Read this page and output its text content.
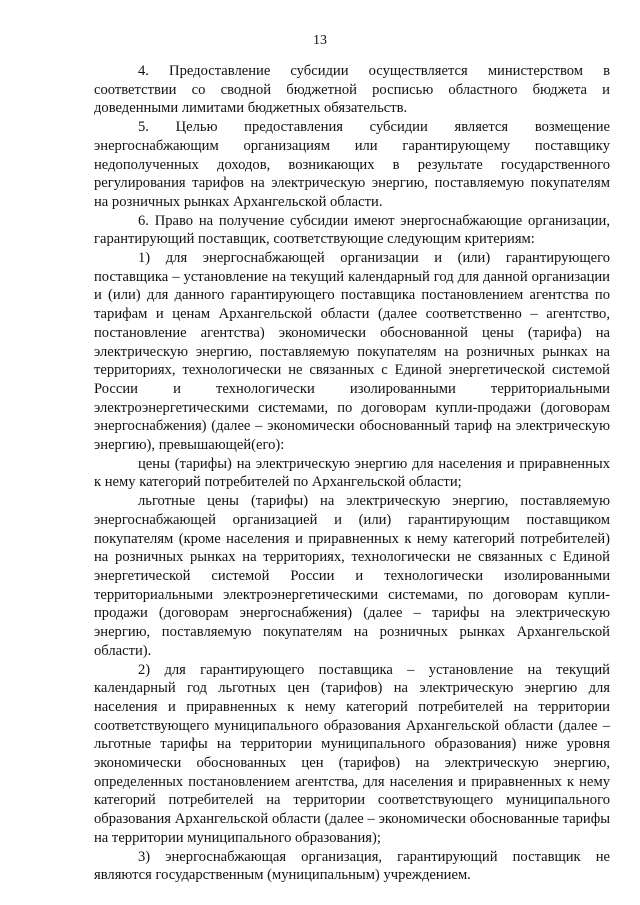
13

4. Предоставление субсидии осуществляется министерством в соответствии со сводной бюджетной росписью областного бюджета и доведенными лимитами бюджетных обязательств.

5. Целью предоставления субсидии является возмещение энергоснабжающим организациям или гарантирующему поставщику недополученных доходов, возникающих в результате государственного регулирования тарифов на электрическую энергию, поставляемую покупателям на розничных рынках Архангельской области.

6. Право на получение субсидии имеют энергоснабжающие организации, гарантирующий поставщик, соответствующие следующим критериям:

1) для энергоснабжающей организации и (или) гарантирующего поставщика – установление на текущий календарный год для данной организации и (или) для данного гарантирующего поставщика постановлением агентства по тарифам и ценам Архангельской области (далее соответственно – агентство, постановление агентства) экономически обоснованной цены (тарифа) на электрическую энергию, поставляемую покупателям на розничных рынках на территориях, технологически не связанных с Единой энергетической системой России и технологически изолированными территориальными электроэнергетическими системами, по договорам купли-продажи (договорам энергоснабжения) (далее – экономически обоснованный тариф на электрическую энергию), превышающей(его):

цены (тарифы) на электрическую энергию для населения и приравненных к нему категорий потребителей по Архангельской области;

льготные цены (тарифы) на электрическую энергию, поставляемую энергоснабжающей организацией и (или) гарантирующим поставщиком покупателям (кроме населения и приравненных к нему категорий потребителей) на розничных рынках на территориях, технологически не связанных с Единой энергетической системой России и технологически изолированными территориальными электроэнергетическими системами, по договорам купли-продажи (договорам энергоснабжения) (далее – тарифы на электрическую энергию, поставляемую покупателям на розничных рынках Архангельской области).

2) для гарантирующего поставщика – установление на текущий календарный год льготных цен (тарифов) на электрическую энергию для населения и приравненных к нему категорий потребителей на территории соответствующего муниципального образования Архангельской области (далее – льготные тарифы на территории муниципального образования) ниже уровня экономически обоснованных цен (тарифов) на электрическую энергию, определенных постановлением агентства, для населения и приравненных к нему категорий потребителей на территории соответствующего муниципального образования Архангельской области (далее – экономически обоснованные тарифы на территории муниципального образования);

3) энергоснабжающая организация, гарантирующий поставщик не являются государственным (муниципальным) учреждением.
